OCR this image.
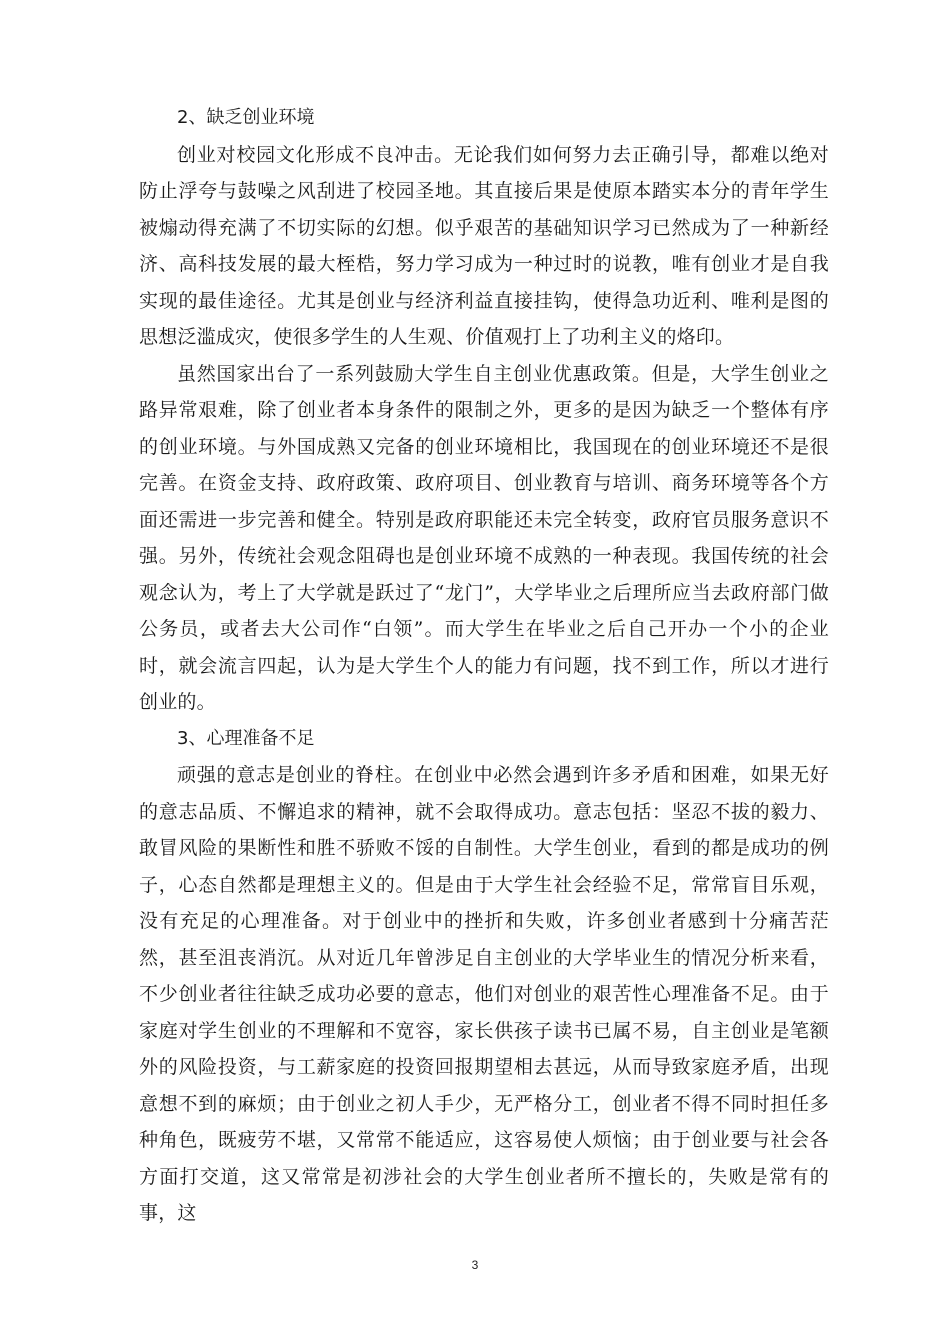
2、缺乏创业环境

创业对校园文化形成不良冲击。无论我们如何努力去正确引导，都难以绝对防止浮夸与鼓噪之风刮进了校园圣地。其直接后果是使原本踏实本分的青年学生被煽动得充满了不切实际的幻想。似乎艰苦的基础知识学习已然成为了一种新经济、高科技发展的最大桎梏，努力学习成为一种过时的说教，唯有创业才是自我实现的最佳途径。尤其是创业与经济利益直接挂钩，使得急功近利、唯利是图的思想泛滥成灾，使很多学生的人生观、价值观打上了功利主义的烙印。

虽然国家出台了一系列鼓励大学生自主创业优惠政策。但是，大学生创业之路异常艰难，除了创业者本身条件的限制之外，更多的是因为缺乏一个整体有序的创业环境。与外国成熟又完备的创业环境相比，我国现在的创业环境还不是很完善。在资金支持、政府政策、政府项目、创业教育与培训、商务环境等各个方面还需进一步完善和健全。特别是政府职能还未完全转变，政府官员服务意识不强。另外，传统社会观念阻碍也是创业环境不成熟的一种表现。我国传统的社会观念认为，考上了大学就是跃过了“龙门”，大学毕业之后理所应当去政府部门做公务员，或者去大公司作“白领”。而大学生在毕业之后自己开办一个小的企业时，就会流言四起，认为是大学生个人的能力有问题，找不到工作，所以才进行创业的。

3、心理准备不足

顽强的意志是创业的脊柱。在创业中必然会遇到许多矛盾和困难，如果无好的意志品质、不懈追求的精神，就不会取得成功。意志包括：坚忍不拔的毅力、敢冒风险的果断性和胜不骄败不馁的自制性。大学生创业，看到的都是成功的例子，心态自然都是理想主义的。但是由于大学生社会经验不足，常常盲目乐观，没有充足的心理准备。对于创业中的挫折和失败，许多创业者感到十分痛苦茫然，甚至沮丧消沉。从对近几年曾涉足自主创业的大学毕业生的情况分析来看，不少创业者往往缺乏成功必要的意志，他们对创业的艰苦性心理准备不足。由于家庭对学生创业的不理解和不宽容，家长供孩子读书已属不易，自主创业是笔额外的风险投资，与工薪家庭的投资回报期望相去甚远，从而导致家庭矛盾，出现意想不到的麻烦；由于创业之初人手少，无严格分工，创业者不得不同时担任多种角色，既疲劳不堪，又常常不能适应，这容易使人烦恼；由于创业要与社会各方面打交道，这又常常是初涉社会的大学生创业者所不擅长的，失败是常有的事，这

3
